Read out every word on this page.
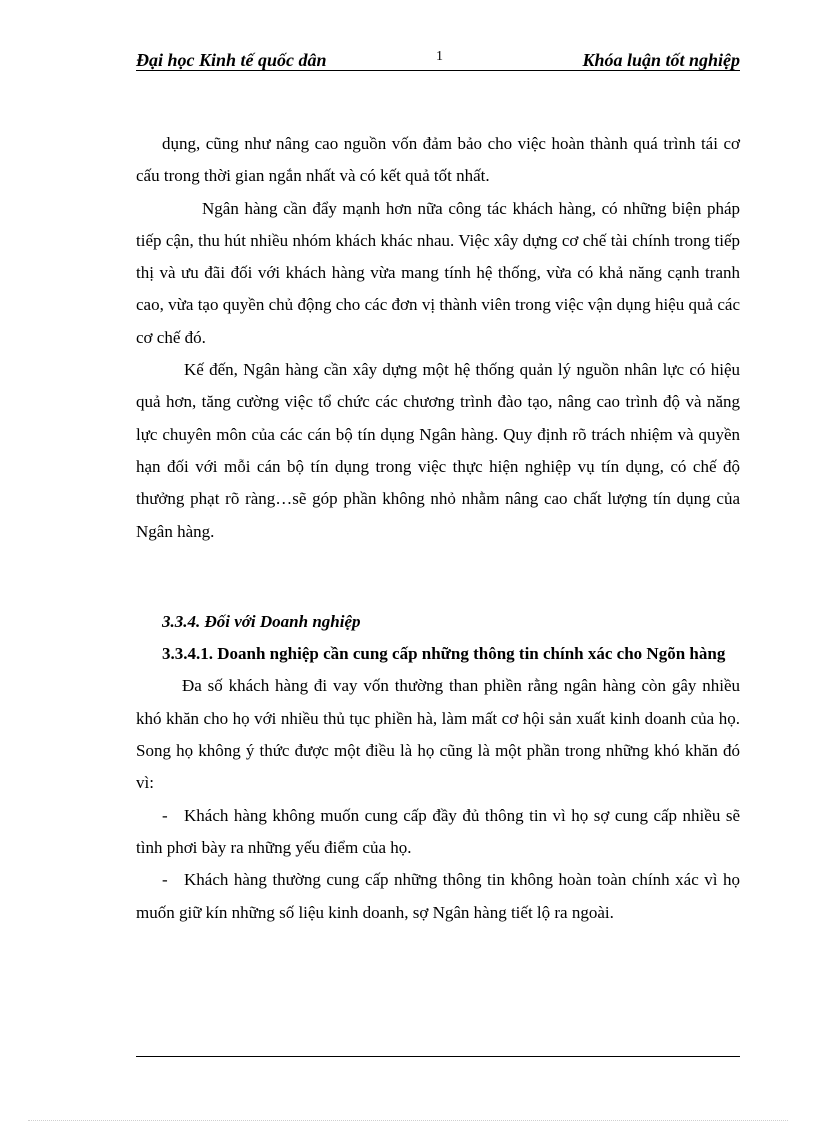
Đại học Kinh tế quốc dân	1	Khóa luận tốt nghiệp

dụng, cũng như nâng cao nguồn vốn đảm bảo cho việc hoàn thành quá trình tái cơ cấu trong thời gian ngắn nhất và có kết quả tốt nhất.

Ngân hàng cần đẩy mạnh hơn nữa công tác khách hàng, có những biện pháp tiếp cận, thu hút nhiều nhóm khách khác nhau. Việc xây dựng cơ chế tài chính trong tiếp thị và ưu đãi đối với khách hàng vừa mang tính hệ thống, vừa có khả năng cạnh tranh cao, vừa tạo quyền chủ động cho các đơn vị thành viên trong việc vận dụng hiệu quả các cơ chế đó.

Kế đến, Ngân hàng cần xây dựng một hệ thống quản lý nguồn nhân lực có hiệu quả hơn, tăng cường việc tổ chức các chương trình đào tạo, nâng cao trình độ và năng lực chuyên môn của các cán bộ tín dụng Ngân hàng. Quy định rõ trách nhiệm và quyền hạn đối với mỗi cán bộ tín dụng trong việc thực hiện nghiệp vụ tín dụng, có chế độ thưởng phạt rõ ràng…sẽ góp phần không nhỏ nhằm nâng cao chất lượng tín dụng của Ngân hàng.

3.3.4. Đối với Doanh nghiệp

3.3.4.1. Doanh nghiệp cần cung cấp những thông tin chính xác cho Ngõn hàng

Đa số khách hàng đi vay vốn thường than phiền rằng ngân hàng còn gây nhiều khó khăn cho họ với nhiều thủ tục phiền hà, làm mất cơ hội sản xuất kinh doanh của họ. Song họ không ý thức được một điều là họ cũng là một phần trong những khó khăn đó vì:

- Khách hàng không muốn cung cấp đầy đủ thông tin vì họ sợ cung cấp nhiều sẽ tình phơi bày ra những yếu điểm của họ.

- Khách hàng thường cung cấp những thông tin không hoàn toàn chính xác vì họ muốn giữ kín những số liệu kinh doanh, sợ Ngân hàng tiết lộ ra ngoài.
